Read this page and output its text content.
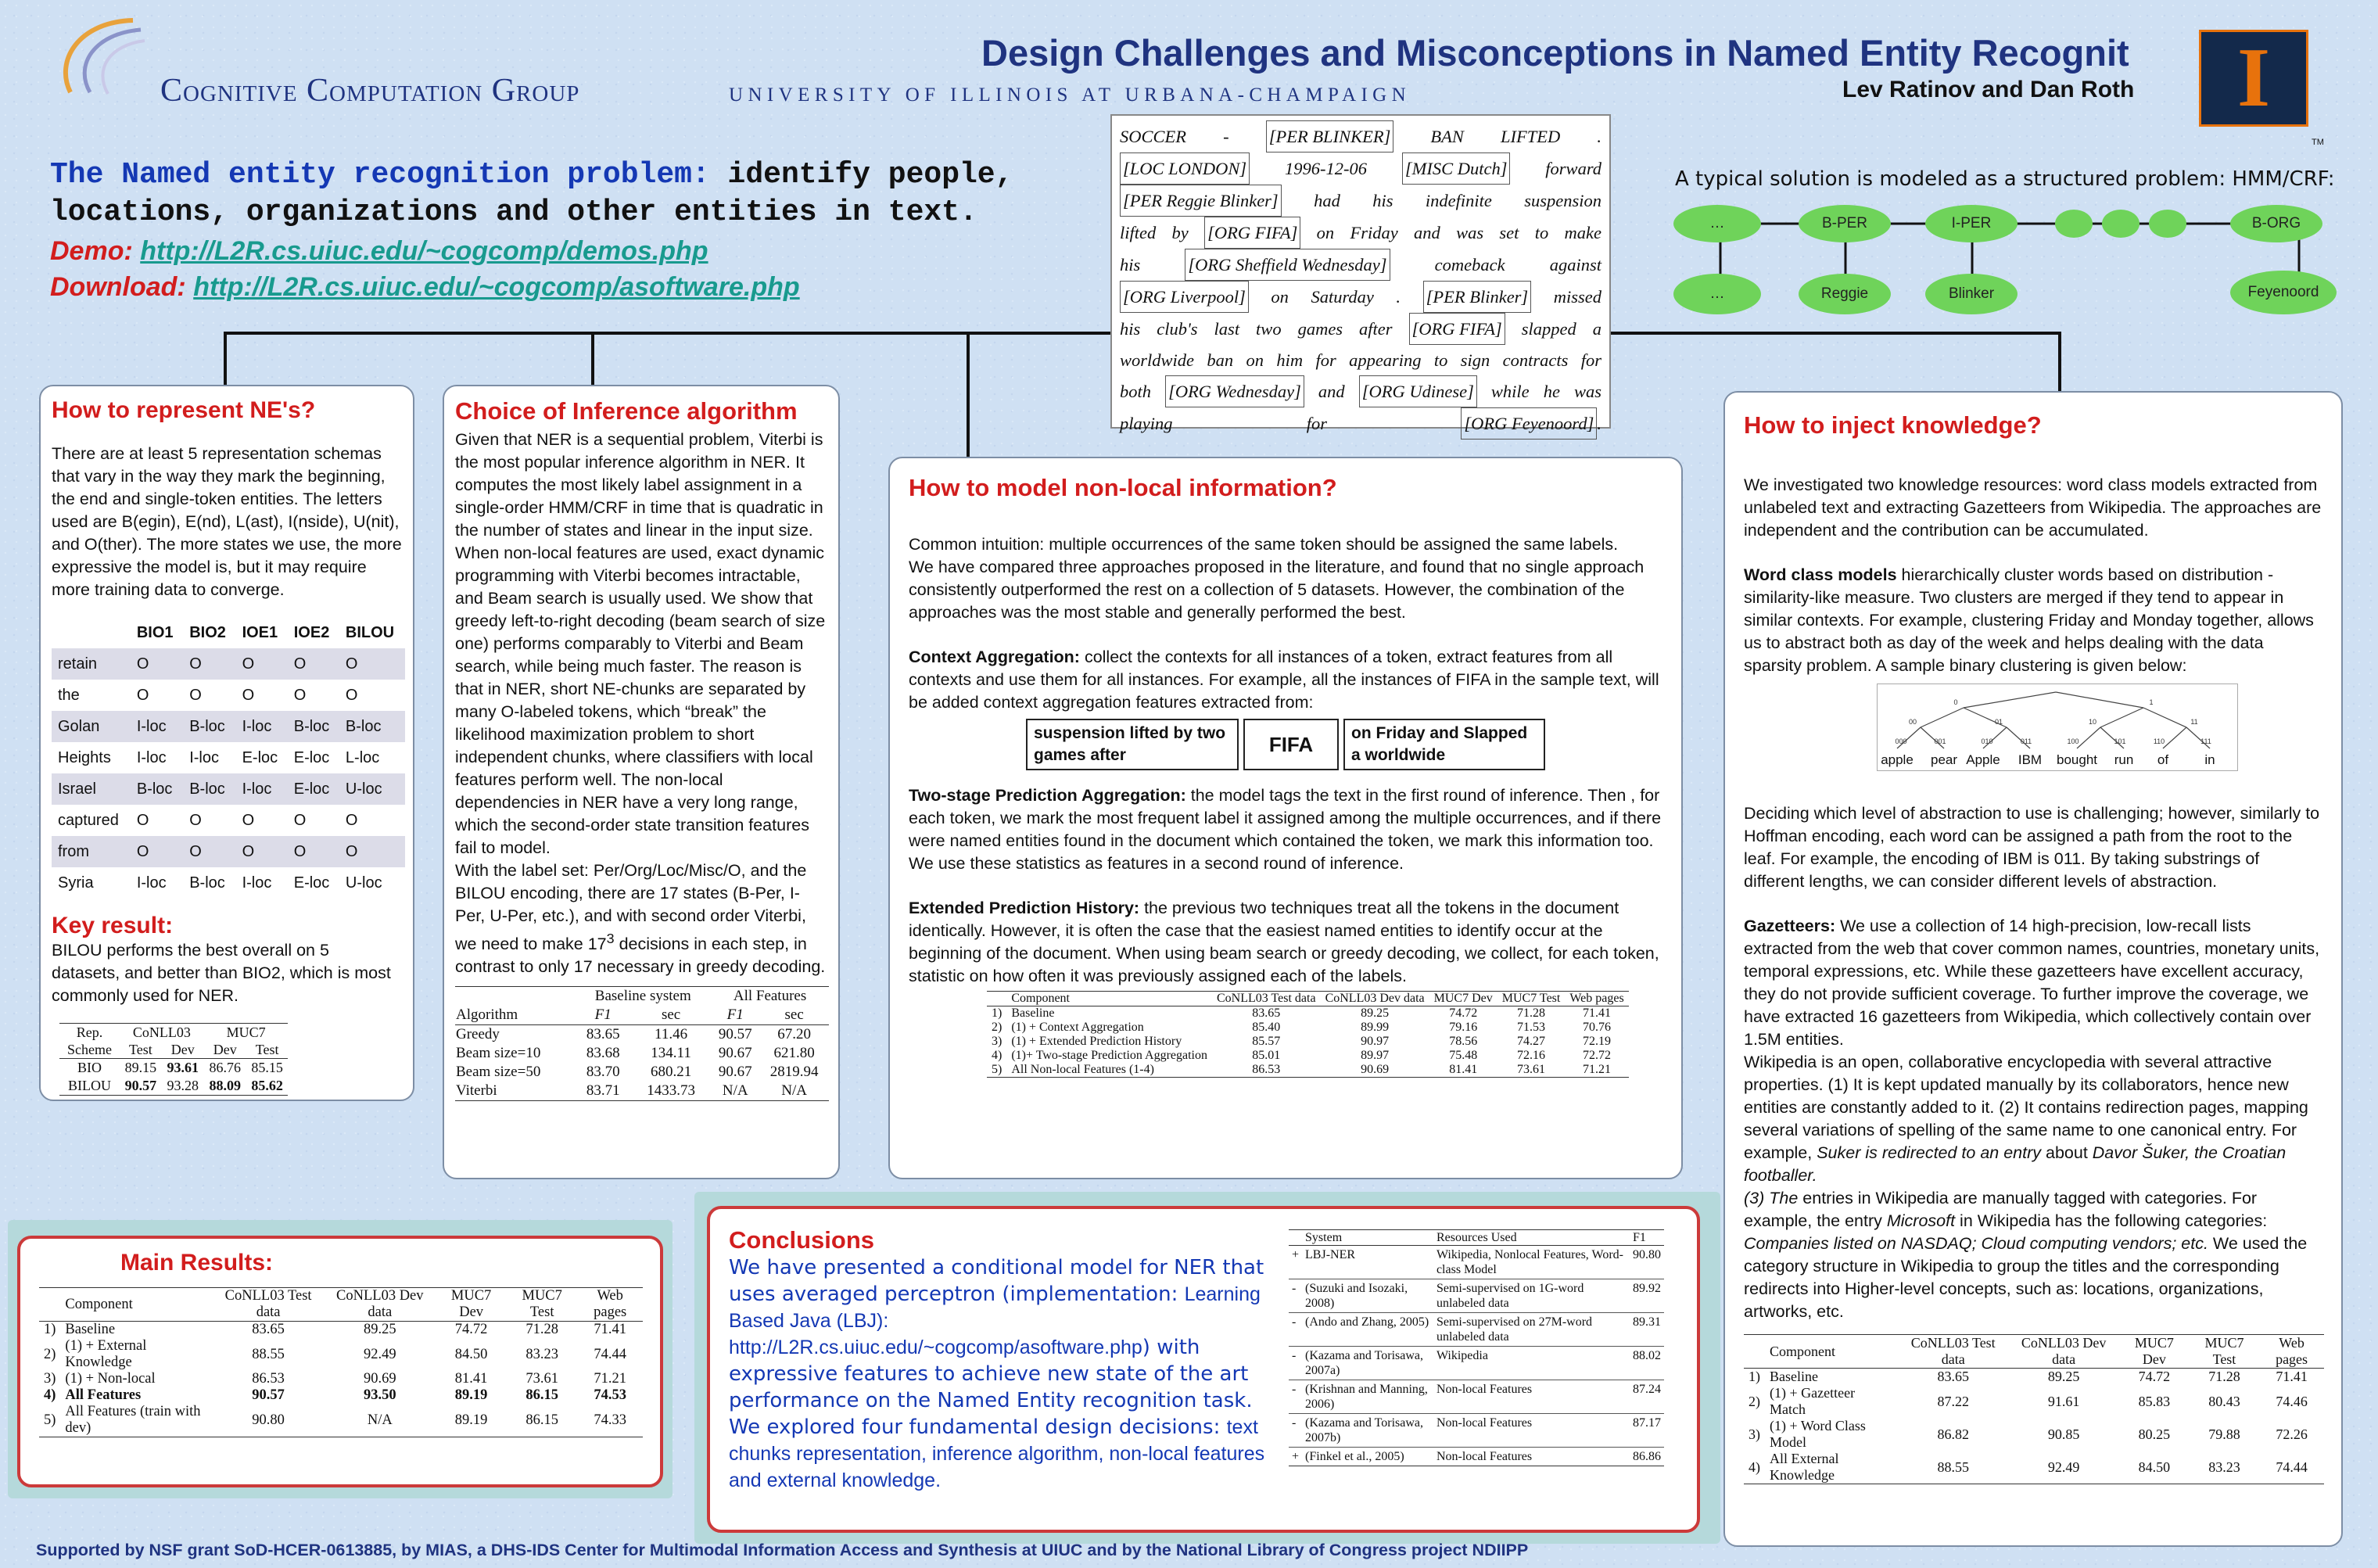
Cognitive Computation Group	UNIVERSITY OF ILLINOIS AT URBANA-CHAMPAIGN
Design Challenges and Misconceptions in Named Entity Recognit
Lev Ratinov and Dan Roth	I
TM
The Named entity recognition problem: identify people, locations, organizations and other entities in text.
Demo: http://L2R.cs.uiuc.edu/~cogcomp/demos.php
Download: http://L2R.cs.uiuc.edu/~cogcomp/asoftware.php
SOCCER - [PER BLINKER] BAN LIFTED .
[LOC LONDON] 1996-12-06 [MISC Dutch] forward
[PER Reggie Blinker] had his indefinite suspension
lifted by [ORG FIFA] on Friday and was set to make
his [ORG Sheffield Wednesday] comeback against
[ORG Liverpool] on Saturday . [PER Blinker] missed
his club's last two games after [ORG FIFA] slapped a
worldwide ban on him for appearing to sign contracts for
both [ORG Wednesday] and [ORG Udinese] while he was
playing for [ORG Feyenoord] .
A typical solution is modeled as a structured problem: HMM/CRF:
…	B-PER	I-PER	B-ORG
…	Reggie	Blinker	Feyenoord
How to represent NE's?

There are at least 5 representation schemas that vary in the way they mark the beginning, the end and single-token entities. The letters used are B(egin), E(nd), L(ast), I(nside), U(nit), and O(ther). The more states we use, the more expressive the model is, but it may require more training data to converge.

	BIO1	BIO2	IOE1	IOE2	BILOU
retain	O	O	O	O	O
the	O	O	O	O	O
Golan	I-loc	B-loc	I-loc	B-loc	B-loc
Heights	I-loc	I-loc	E-loc	E-loc	L-loc
Israel	B-loc	B-loc	I-loc	E-loc	U-loc
captured	O	O	O	O	O
from	O	O	O	O	O
Syria	I-loc	B-loc	I-loc	E-loc	U-loc
Key result:

BILOU performs the best overall on 5 datasets, and better than BIO2, which is most commonly used for NER.

Rep.	CoNLL03		MUC7	
Scheme	Test	Dev	Dev	Test
BIO	89.15	93.61	86.76	85.15
BILOU	90.57	93.28	88.09	85.62
Choice of Inference algorithm

Given that NER is a sequential problem, Viterbi is the most popular inference algorithm in NER. It computes the most likely label assignment in a single-order HMM/CRF in time that is quadratic in the number of states and linear in the input size. When non-local features are used, exact dynamic programming with Viterbi becomes intractable, and Beam search is usually used. We show that greedy left-to-right decoding (beam search of size one) performs comparably to Viterbi and Beam search, while being much faster. The reason is that in NER, short NE-chunks are separated by many O-labeled tokens, which “break” the likelihood maximization problem to short independent chunks, where classifiers with local features perform well. The non-local dependencies in NER have a very long range, which the second-order state transition features fail to model.

With the label set: Per/Org/Loc/Misc/O, and the BILOU encoding, there are 17 states (B-Per, I-Per, U-Per, etc.), and with second order Viterbi, we need to make $17^3$ decisions in each step, in contrast to only 17 necessary in greedy decoding.

	Baseline system		All Features	
Algorithm	F1	sec	F1	sec
Greedy	83.65	11.46	90.57	67.20
Beam size=10	83.68	134.11	90.67	621.80
Beam size=50	83.70	680.21	90.67	2819.94
Viterbi	83.71	1433.73	N/A	N/A
How to model non-local information?

Common intuition: multiple occurrences of the same token should be assigned the same labels.

We have compared three approaches proposed in the literature, and found that no single approach consistently outperformed the rest on a collection of 5 datasets. However, the combination of the approaches was the most stable and generally performed the best.

Context Aggregation: collect the contexts for all instances of a token, extract features from all contexts and use them for all instances. For example, all the instances of FIFA in the sample text, will be added context aggregation features extracted from:

suspension lifted by two games after	FIFA	on Friday and Slapped a worldwide

Two-stage Prediction Aggregation: the model tags the text in the first round of inference. Then , for each token, we mark the most frequent label it assigned among the multiple occurrences, and if there were named entities found in the document which contained the token, we mark this information too. We use these statistics as features in a second round of inference.

Extended Prediction History: the previous two techniques treat all the tokens in the document identically. However, it is often the case that the easiest named entities to identify occur at the beginning of the document. When using beam search or greedy decoding, we collect, for each token, statistic on how often it was previously assigned each of the labels.

	Component	CoNLL03 Test data	CoNLL03 Dev data	MUC7 Dev	MUC7 Test	Web pages
1)	Baseline	83.65	89.25	74.72	71.28	71.41
2)	(1) + Context Aggregation	85.40	89.99	79.16	71.53	70.76
3)	(1) + Extended Prediction History	85.57	90.97	78.56	74.27	72.19
4)	(1)+ Two-stage Prediction Aggregation	85.01	89.97	75.48	72.16	72.72
5)	All Non-local Features (1-4)	86.53	90.69	81.41	73.61	71.21
How to inject knowledge?

We investigated two knowledge resources: word class models extracted from unlabeled text and extracting Gazetteers from Wikipedia. The approaches are independent and the contribution can be accumulated.

Word class models hierarchically cluster words based on distribution -similarity-like measure. Two clusters are merged if they tend to appear in similar contexts. For example, clustering Friday and Monday together, allows us to abstract both as day of the week and helps dealing with the data sparsity problem. A sample binary clustering is given below:

0
00	01
000	001	010	011
1
10	11
100	101	110	111
apple pear Apple IBM bought run of	in

Deciding which level of abstraction to use is challenging; however, similarly to Hoffman encoding, each word can be assigned a path from the root to the leaf. For example, the encoding of IBM is 011. By taking substrings of different lengths, we can consider different levels of abstraction.

Gazetteers: We use a collection of 14 high-precision, low-recall lists extracted from the web that cover common names, countries, monetary units, temporal expressions, etc. While these gazetteers have excellent accuracy, they do not provide sufficient coverage. To further improve the coverage, we have extracted 16 gazetteers from Wikipedia, which collectively contain over 1.5M entities.

Wikipedia is an open, collaborative encyclopedia with several attractive properties. (1) It is kept updated manually by its collaborators, hence new entities are constantly added to it. (2) It contains redirection pages, mapping several variations of spelling of the same name to one canonical entry. For example, Suker is redirected to an entry about Davor Šuker, the Croatian footballer.

(3) The entries in Wikipedia are manually tagged with categories. For example, the entry Microsoft in Wikipedia has the following categories: Companies listed on NASDAQ; Cloud computing vendors; etc. We used the category structure in Wikipedia to group the titles and the corresponding redirects into Higher-level concepts, such as: locations, organizations, artworks, etc.

	Component	CoNLL03 Test data	CoNLL03 Dev data	MUC7 Dev	MUC7 Test	Web pages
1)	Baseline	83.65	89.25	74.72	71.28	71.41
2)	(1) + Gazetteer Match	87.22	91.61	85.83	80.43	74.46
3)	(1) + Word Class Model	86.82	90.85	80.25	79.88	72.26
4)	All External Knowledge	88.55	92.49	84.50	83.23	74.44
Main Results:
	Component	CoNLL03 Test data	CoNLL03 Dev data	MUC7 Dev	MUC7 Test	Web pages
1)	Baseline	83.65	89.25	74.72	71.28	71.41
2)	(1) + External Knowledge	88.55	92.49	84.50	83.23	74.44
3)	(1) + Non-local	86.53	90.69	81.41	73.61	71.21
4)	All Features	90.57	93.50	89.19	86.15	74.53
5)	All Features (train with dev)	90.80	N/A	89.19	86.15	74.33
Conclusions
We have presented a conditional model for NER that uses averaged perceptron (implementation: Learning Based Java (LBJ): http://L2R.cs.uiuc.edu/~cogcomp/asoftware.php) with expressive features to achieve new state of the art performance on the Named Entity recognition task. We explored four fundamental design decisions: text chunks representation, inference algorithm, non-local features and external knowledge.
	System	Resources Used	F1
+	LBJ-NER	Wikipedia, Nonlocal Features, Word-class Model	90.80
-	(Suzuki and Isozaki, 2008)	Semi-supervised on 1G-word unlabeled data	89.92
-	(Ando and Zhang, 2005)	Semi-supervised on 27M-word unlabeled data	89.31
-	(Kazama and Torisawa, 2007a)	Wikipedia	88.02
-	(Krishnan and Manning, 2006)	Non-local Features	87.24
-	(Kazama and Torisawa, 2007b)	Non-local Features	87.17
+	(Finkel et al., 2005)	Non-local Features	86.86
Supported by NSF grant SoD-HCER-0613885, by MIAS, a DHS-IDS Center for Multimodal Information Access and Synthesis at UIUC and by the National Library of Congress project NDIIPP
